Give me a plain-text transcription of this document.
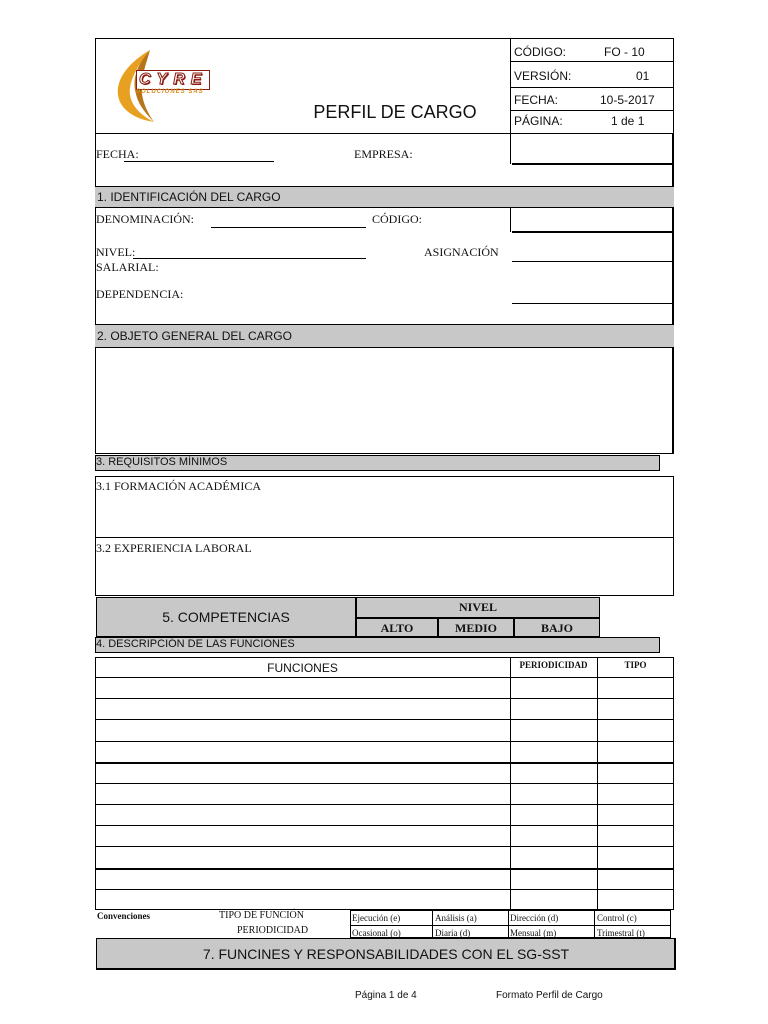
CYRE
SOLUCIONES SAS
PERFIL DE CARGO
CÓDIGO:	FO - 10
VERSIÓN:	01
FECHA:	10-5-2017
PÁGINA:	1 de 1
FECHA:	EMPRESA:
1. IDENTIFICACIÓN DEL CARGO
DENOMINACIÓN:	CÓDIGO:
NIVEL:	ASIGNACIÓN
SALARIAL:
DEPENDENCIA:
2. OBJETO GENERAL DEL CARGO
3. REQUISITOS MÍNIMOS
3.1 FORMACIÓN ACADÉMICA
3.2 EXPERIENCIA LABORAL
5. COMPETENCIAS
NIVEL
ALTO	MEDIO	BAJO
4. DESCRIPCIÓN DE LAS FUNCIONES
FUNCIONES	PERIODICIDAD	TIPO
Convenciones	TIPO DE FUNCIÓN
PERIODICIDAD
Ejecución (e)	Análisis (a)	Dirección (d)	Control (c)
Ocasional (o)	Diaria (d)	Mensual (m)	Trimestral (t)
7. FUNCINES Y RESPONSABILIDADES CON EL SG-SST
Página 1 de 4	Formato Perfil de Cargo
